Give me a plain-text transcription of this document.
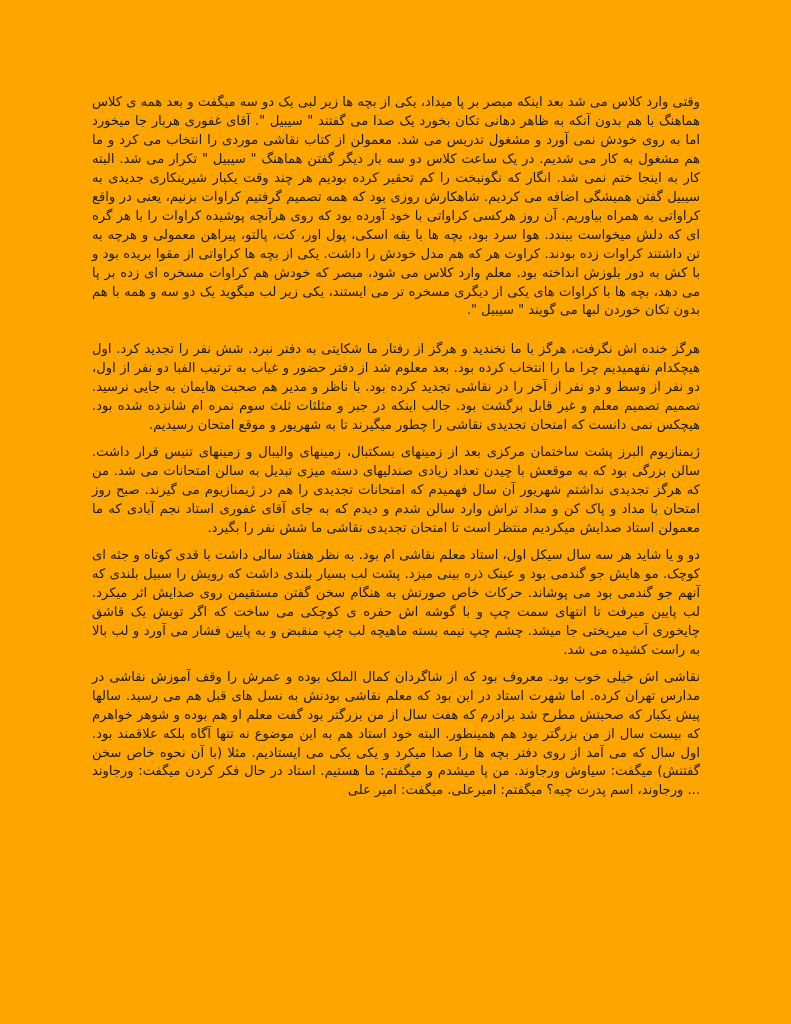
وقتی وارد کلاس می شد بعد اینکه مبصر بر پا میداد، یکی از بچه ها زیر لبی یک دو سه میگفت و بعد همه ی کلاس هماهنگ با هم بدون آنکه به ظاهر دهانی تکان بخورد یک صدا می گفتند " سیبیل ". آقای غفوری هربار جا میخورد اما به روی خودش نمی آورد و مشغول تدریس می شد. معمولن از کتاب نقاشی موردی را انتخاب می کرد و ما هم مشغول به کار می شدیم. در یک ساعت کلاس دو سه بار دیگر گفتن هماهنگ " سیبیل " تکرار می شد. البته کار به اینجا ختم نمی شد. انگار که نگونبخت را کم تحقیر کرده بودیم هر چند وقت یکبار شیرینکاری جدیدی به سیبیل گفتن همیشگی اضافه می کردیم. شاهکارش روزی بود که همه تصمیم گرفتیم کراوات بزنیم، یعنی در واقع کراواتی به همراه بیاوریم. آن روز هرکسی کراواتی با خود آورده بود که روی هرآنچه پوشیده کراوات را با هر گره ای که دلش میخواست ببندد. هوا سرد بود، بچه ها با یقه اسکی، پول اور، کت، پالتو، پیراهن معمولی و هرچه به تن داشتند کراوات زده بودند. کراوت هر که هم مدل خودش را داشت. یکی از بچه ها کراواتی از مقوا بریده بود و با کش به دور بلوزش انداخته بود. معلم وارد کلاس می شود، مبصر که خودش هم کراوات مسخره ای زده بر پا می دهد، بچه ها با کراوات های یکی از دیگری مسخره تر می ایستند، یکی زیر لب میگوید یک دو سه و همه با هم بدون تکان خوردن لبها می گویند " سیبیل ".

هرگز خنده اش نگرفت، هرگز با ما نخندید و هرگز از رفتار ما شکایتی به دفتر نبرد. شش نفر را تجدید کرد. اول هیچکدام نفهمیدیم چرا ما را انتخاب کرده بود. بعد معلوم شد از دفتر حضور و غیاب به ترتیب الفبا دو نفر از اول، دو نفر از وسط و دو نفر از آخر را در نقاشی تجدید کرده بود. با ناظر و مدیر هم صحبت هایمان به جایی نرسید. تصمیم تصمیم معلم و غیر قابل برگشت بود. جالب اینکه در جبر و مثلثات ثلث سوم نمره ام شانزده شده بود. هیچکس نمی دانست که امتحان تجدیدی نقاشی را چطور میگیرند تا به شهریور و موقع امتحان رسیدیم.

ژیمنازیوم البرز پشت ساختمان مرکزی بعد از زمینهای بسکتبال، زمینهای والیبال و زمینهای تنیس قرار داشت. سالن بزرگی بود که به موقعش با چیدن تعداد زیادی صندلیهای دسته میزی تبدیل به سالن امتحانات می شد. من که هرگز تجدیدی نداشتم شهریور آن سال فهمیدم که امتحانات تجدیدی را هم در ژیمنازیوم می گیرند. صبح روز امتحان با مداد و پاک کن و مداد تراش وارد سالن شدم و دیدم که به جای آقای غفوری استاد نجم آبادی که ما معمولن استاد صدایش میکردیم منتظر است تا امتحان تجدیدی نقاشی ما شش نفر را بگیرد.

دو و یا شاید هر سه سال سیکل اول، استاد معلم نقاشی ام بود. به نظر هفتاد سالی داشت با قدی کوتاه و جثه ای کوچک. مو هایش جو گندمی بود و عینک ذره بینی میزد. پشت لب بسیار بلندی داشت که رویش را سبیل بلندی که آنهم جو گندمی بود می پوشاند. حرکات خاص صورتش به هنگام سخن گفتن مستقیمن روی صدایش اثر میکرد. لب پایین میرفت تا انتهای سمت چپ و با گوشه اش حفره ی کوچکی می ساخت که اگر تویش یک قاشق چایخوری آب میریختی جا میشد. چشم چپ نیمه بسته ماهیچه لب چپ منقبض و به پایین فشار می آورد و لب بالا به راست کشیده می شد.

نقاشی اش خیلی خوب بود. معروف بود که از شاگردان کمال الملک بوده و عمرش را وقف آموزش نقاشی در مدارس تهران کرده. اما شهرت استاد در این بود که معلم نقاشی بودنش به نسل های قبل هم می رسید. سالها پیش یکبار که صحبتش مطرح شد برادرم که هفت سال از من بزرگتر بود گفت معلم او هم بوده و شوهر خواهرم که بیست سال از من بزرگتر بود هم همینطور. البته خود استاد هم به این موضوع نه تنها آگاه بلکه علاقمند بود. اول سال که می آمد از روی دفتر بچه ها را صدا میکرد و یکی یکی می ایستادیم. مثلا (با آن نحوه خاص سخن گفتنش) میگفت: سیاوش ورجاوند. من پا میشدم و میگفتم: ما هستیم. استاد در حال فکر کردن میگفت: ورجاوند ... ورجاوند، اسم پدرت چیه؟ میگفتم: امیرعلی. میگفت: امیر علی
